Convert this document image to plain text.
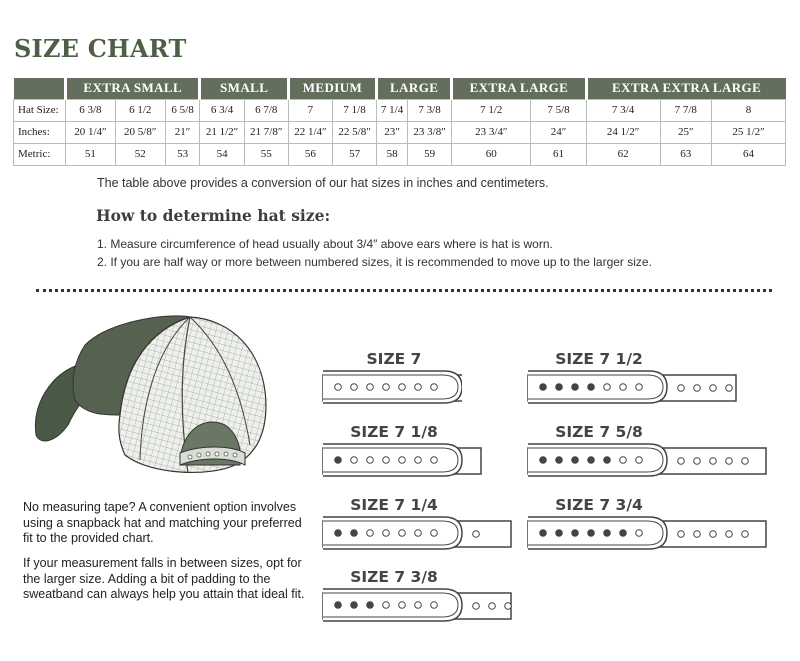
SIZE CHART
	EXTRA SMALL			SMALL		MEDIUM		LARGE		EXTRA LARGE		EXTRA EXTRA LARGE		
Hat Size:	6 3/8	6 1/2	6 5/8	6 3/4	6 7/8	7	7 1/8	7 1/4	7 3/8	7 1/2	7 5/8	7 3/4	7 7/8	8
Inches:	20 1/4″	20 5/8″	21″	21 1/2″	21 7/8″	22 1/4″	22 5/8″	23″	23 3/8″	23 3/4″	24″	24 1/2″	25″	25 1/2″
Metric:	51	52	53	54	55	56	57	58	59	60	61	62	63	64
The table above provides a conversion of our hat sizes in inches and centimeters.
How to determine hat size:
1. Measure circumference of head usually about 3/4″ above ears where is hat is worn.
2. If you are half way or more between numbered sizes, it is recommended to move up to the larger size.
No measuring tape? A convenient option involves using a snapback hat and matching your preferred fit to the provided chart.
If your measurement falls in between sizes, opt for the larger size. Adding a bit of padding to the sweatband can always help you attain that ideal fit.
SIZE 7
SIZE 7 1/8
SIZE 7 1/4
SIZE 7 3/8
SIZE 7 1/2
SIZE 7 5/8
SIZE 7 3/4
